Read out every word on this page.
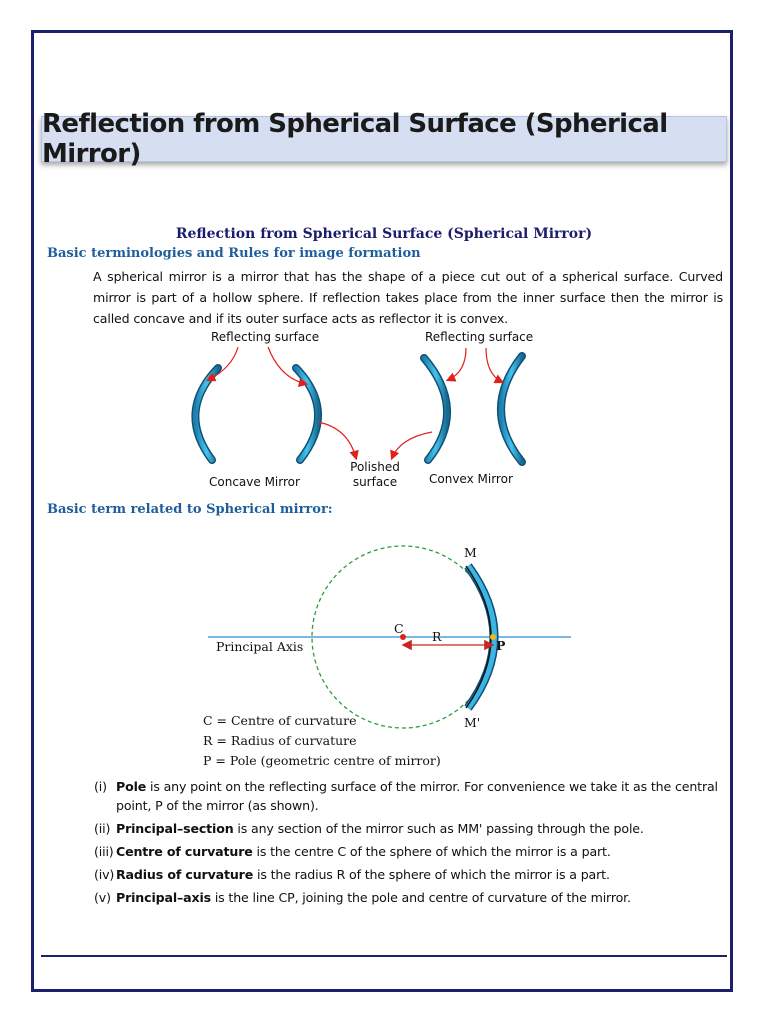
Reflection from Spherical Surface (Spherical Mirror)
Reflection from Spherical Surface (Spherical Mirror)
Basic terminologies and Rules for image formation
A spherical mirror is a mirror that has the shape of a piece cut out of a spherical surface. Curved mirror is part of a hollow sphere. If reflection takes place from the inner surface then the mirror is called concave and if its outer surface acts as reflector it is convex.
Reflecting surface	Reflecting surface
Concave Mirror
Polished
surface	Convex Mirror
Basic term related to Spherical mirror:
M
M'
C
R
P
Principal Axis
C = Centre of curvature
R = Radius of curvature
P = Pole (geometric centre of mirror)
(i) Pole is any point on the reflecting surface of the mirror. For convenience we take it as the central point, P of the mirror (as shown).
(ii) Principal–section is any section of the mirror such as MM' passing through the pole.
(iii) Centre of curvature is the centre C of the sphere of which the mirror is a part.
(iv) Radius of curvature is the radius R of the sphere of which the mirror is a part.
(v) Principal–axis is the line CP, joining the pole and centre of curvature of the mirror.
